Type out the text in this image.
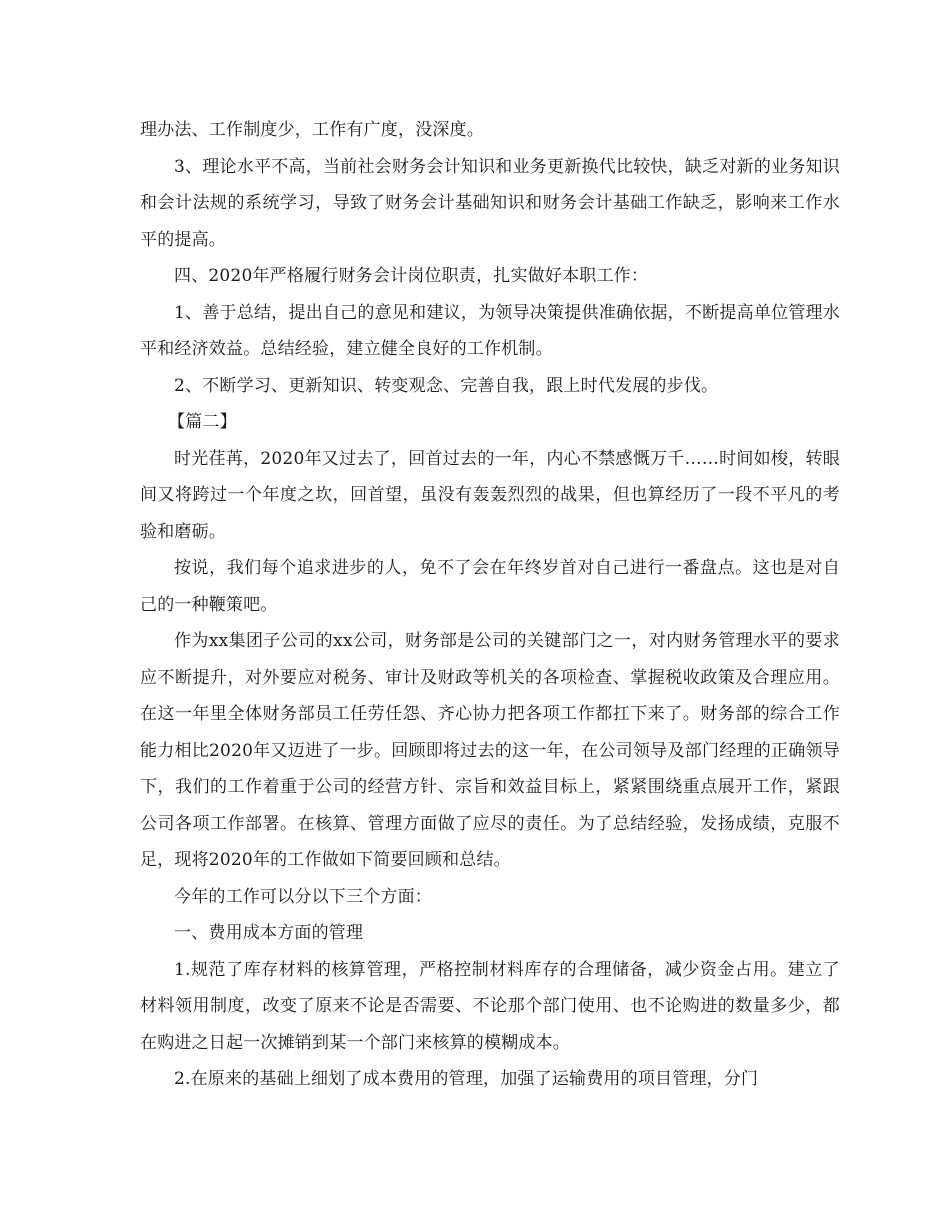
理办法、工作制度少，工作有广度，没深度。

3、理论水平不高，当前社会财务会计知识和业务更新换代比较快，缺乏对新的业务知识和会计法规的系统学习，导致了财务会计基础知识和财务会计基础工作缺乏，影响来工作水平的提高。

四、2020年严格履行财务会计岗位职责，扎实做好本职工作：

1、善于总结，提出自己的意见和建议，为领导决策提供准确依据，不断提高单位管理水平和经济效益。总结经验，建立健全良好的工作机制。

2、不断学习、更新知识、转变观念、完善自我，跟上时代发展的步伐。

【篇二】

时光荏苒，2020年又过去了，回首过去的一年，内心不禁感慨万千……时间如梭，转眼间又将跨过一个年度之坎，回首望，虽没有轰轰烈烈的战果，但也算经历了一段不平凡的考验和磨砺。

按说，我们每个追求进步的人，免不了会在年终岁首对自己进行一番盘点。这也是对自己的一种鞭策吧。

作为xx集团子公司的xx公司，财务部是公司的关键部门之一，对内财务管理水平的要求应不断提升，对外要应对税务、审计及财政等机关的各项检查、掌握税收政策及合理应用。在这一年里全体财务部员工任劳任怨、齐心协力把各项工作都扛下来了。财务部的综合工作能力相比2020年又迈进了一步。回顾即将过去的这一年，在公司领导及部门经理的正确领导下，我们的工作着重于公司的经营方针、宗旨和效益目标上，紧紧围绕重点展开工作，紧跟公司各项工作部署。在核算、管理方面做了应尽的责任。为了总结经验，发扬成绩，克服不足，现将2020年的工作做如下简要回顾和总结。

今年的工作可以分以下三个方面：

一、费用成本方面的管理

1.规范了库存材料的核算管理，严格控制材料库存的合理储备，减少资金占用。建立了材料领用制度，改变了原来不论是否需要、不论那个部门使用、也不论购进的数量多少，都在购进之日起一次摊销到某一个部门来核算的模糊成本。

2.在原来的基础上细划了成本费用的管理，加强了运输费用的项目管理，分门
